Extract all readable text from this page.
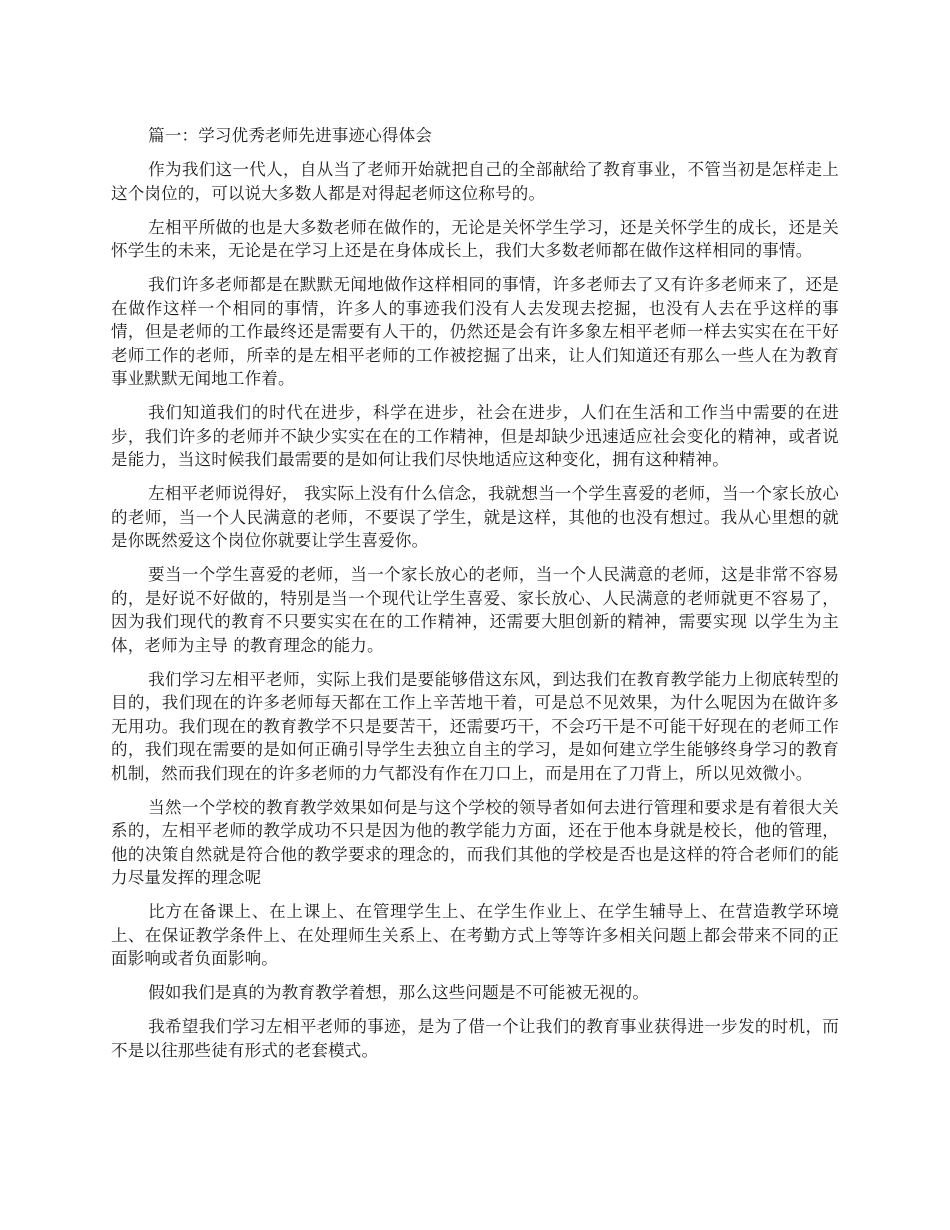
篇一：学习优秀老师先进事迹心得体会

作为我们这一代人，自从当了老师开始就把自己的全部献给了教育事业，不管当初是怎样走上这个岗位的，可以说大多数人都是对得起老师这位称号的。

左相平所做的也是大多数老师在做作的，无论是关怀学生学习，还是关怀学生的成长，还是关怀学生的未来，无论是在学习上还是在身体成长上，我们大多数老师都在做作这样相同的事情。

我们许多老师都是在默默无闻地做作这样相同的事情，许多老师去了又有许多老师来了，还是在做作这样一个相同的事情，许多人的事迹我们没有人去发现去挖掘，也没有人去在乎这样的事情，但是老师的工作最终还是需要有人干的，仍然还是会有许多象左相平老师一样去实实在在干好老师工作的老师，所幸的是左相平老师的工作被挖掘了出来，让人们知道还有那么一些人在为教育事业默默无闻地工作着。

我们知道我们的时代在进步，科学在进步，社会在进步，人们在生活和工作当中需要的在进步，我们许多的老师并不缺少实实在在的工作精神，但是却缺少迅速适应社会变化的精神，或者说是能力，当这时候我们最需要的是如何让我们尽快地适应这种变化，拥有这种精神。

左相平老师说得好， 我实际上没有什么信念，我就想当一个学生喜爱的老师，当一个家长放心的老师，当一个人民满意的老师，不要误了学生，就是这样，其他的也没有想过。我从心里想的就是你既然爱这个岗位你就要让学生喜爱你。

要当一个学生喜爱的老师，当一个家长放心的老师，当一个人民满意的老师，这是非常不容易的，是好说不好做的，特别是当一个现代让学生喜爱、家长放心、人民满意的老师就更不容易了，因为我们现代的教育不只要实实在在的工作精神，还需要大胆创新的精神，需要实现 以学生为主体，老师为主导 的教育理念的能力。

我们学习左相平老师，实际上我们是要能够借这东风，到达我们在教育教学能力上彻底转型的目的，我们现在的许多老师每天都在工作上辛苦地干着，可是总不见效果，为什么呢因为在做许多无用功。我们现在的教育教学不只是要苦干，还需要巧干，不会巧干是不可能干好现在的老师工作的，我们现在需要的是如何正确引导学生去独立自主的学习，是如何建立学生能够终身学习的教育机制，然而我们现在的许多老师的力气都没有作在刀口上，而是用在了刀背上，所以见效微小。

当然一个学校的教育教学效果如何是与这个学校的领导者如何去进行管理和要求是有着很大关系的，左相平老师的教学成功不只是因为他的教学能力方面，还在于他本身就是校长，他的管理，他的决策自然就是符合他的教学要求的理念的，而我们其他的学校是否也是这样的符合老师们的能力尽量发挥的理念呢

比方在备课上、在上课上、在管理学生上、在学生作业上、在学生辅导上、在营造教学环境上、在保证教学条件上、在处理师生关系上、在考勤方式上等等许多相关问题上都会带来不同的正面影响或者负面影响。

假如我们是真的为教育教学着想，那么这些问题是不可能被无视的。

我希望我们学习左相平老师的事迹，是为了借一个让我们的教育事业获得进一步发的时机，而不是以往那些徒有形式的老套模式。
